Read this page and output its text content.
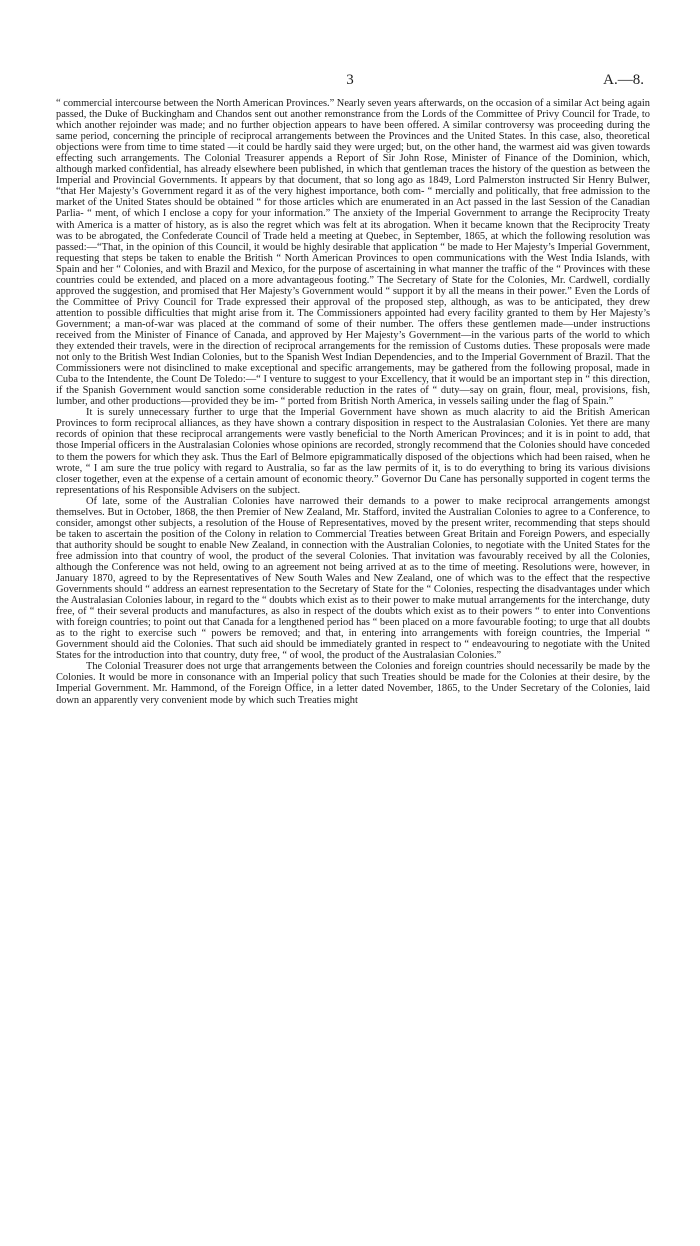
3	A.—8.

“ commercial intercourse between the North American Provinces.” Nearly seven years afterwards, on the occasion of a similar Act being again passed, the Duke of Buckingham and Chandos sent out another remonstrance from the Lords of the Committee of Privy Council for Trade, to which another rejoinder was made; and no further objection appears to have been offered. A similar controversy was proceeding during the same period, concerning the principle of reciprocal arrangements between the Provinces and the United States. In this case, also, theoretical objections were from time to time stated —it could be hardly said they were urged; but, on the other hand, the warmest aid was given towards effecting such arrangements. The Colonial Treasurer appends a Report of Sir John Rose, Minister of Finance of the Dominion, which, although marked confidential, has already elsewhere been published, in which that gentleman traces the history of the question as between the Imperial and Provincial Governments. It appears by that document, that so long ago as 1849, Lord Palmerston instructed Sir Henry Bulwer, “that Her Majesty’s Government regard it as of the very highest importance, both com- “ mercially and politically, that free admission to the market of the United States should be obtained “ for those articles which are enumerated in an Act passed in the last Session of the Canadian Parlia- “ ment, of which I enclose a copy for your information.” The anxiety of the Imperial Government to arrange the Reciprocity Treaty with America is a matter of history, as is also the regret which was felt at its abrogation. When it became known that the Reciprocity Treaty was to be abrogated, the Confederate Council of Trade held a meeting at Quebec, in September, 1865, at which the following resolution was passed:—“That, in the opinion of this Council, it would be highly desirable that application “ be made to Her Majesty’s Imperial Government, requesting that steps be taken to enable the British “ North American Provinces to open communications with the West India Islands, with Spain and her “ Colonies, and with Brazil and Mexico, for the purpose of ascertaining in what manner the traffic of the “ Provinces with these countries could be extended, and placed on a more advantageous footing.” The Secretary of State for the Colonies, Mr. Cardwell, cordially approved the suggestion, and promised that Her Majesty’s Government would “ support it by all the means in their power.” Even the Lords of the Committee of Privy Council for Trade expressed their approval of the proposed step, although, as was to be anticipated, they drew attention to possible difficulties that might arise from it. The Commissioners appointed had every facility granted to them by Her Majesty’s Government; a man-of-war was placed at the command of some of their number. The offers these gentlemen made—under instructions received from the Minister of Finance of Canada, and approved by Her Majesty’s Government—in the various parts of the world to which they extended their travels, were in the direction of reciprocal arrangements for the remission of Customs duties. These proposals were made not only to the British West Indian Colonies, but to the Spanish West Indian Dependencies, and to the Imperial Government of Brazil. That the Commissioners were not disinclined to make exceptional and specific arrangements, may be gathered from the following proposal, made in Cuba to the Intendente, the Count De Toledo:—“ I venture to suggest to your Excellency, that it would be an important step in “ this direction, if the Spanish Government would sanction some considerable reduction in the rates of “ duty—say on grain, flour, meal, provisions, fish, lumber, and other productions—provided they be im- “ ported from British North America, in vessels sailing under the flag of Spain.”

It is surely unnecessary further to urge that the Imperial Government have shown as much alacrity to aid the British American Provinces to form reciprocal alliances, as they have shown a contrary disposition in respect to the Australasian Colonies. Yet there are many records of opinion that these reciprocal arrangements were vastly beneficial to the North American Provinces; and it is in point to add, that those Imperial officers in the Australasian Colonies whose opinions are recorded, strongly recommend that the Colonies should have conceded to them the powers for which they ask. Thus the Earl of Belmore epigrammatically disposed of the objections which had been raised, when he wrote, “ I am sure the true policy with regard to Australia, so far as the law permits of it, is to do everything to bring its various divisions closer together, even at the expense of a certain amount of economic theory.” Governor Du Cane has personally supported in cogent terms the representations of his Responsible Advisers on the subject.

Of late, some of the Australian Colonies have narrowed their demands to a power to make reciprocal arrangements amongst themselves. But in October, 1868, the then Premier of New Zealand, Mr. Stafford, invited the Australian Colonies to agree to a Conference, to consider, amongst other subjects, a resolution of the House of Representatives, moved by the present writer, recommending that steps should be taken to ascertain the position of the Colony in relation to Commercial Treaties between Great Britain and Foreign Powers, and especially that authority should be sought to enable New Zealand, in connection with the Australian Colonies, to negotiate with the United States for the free admission into that country of wool, the product of the several Colonies. That invitation was favourably received by all the Colonies, although the Conference was not held, owing to an agreement not being arrived at as to the time of meeting. Resolutions were, however, in January 1870, agreed to by the Representatives of New South Wales and New Zealand, one of which was to the effect that the respective Governments should “ address an earnest representation to the Secretary of State for the “ Colonies, respecting the disadvantages under which the Australasian Colonies labour, in regard to the “ doubts which exist as to their power to make mutual arrangements for the interchange, duty free, of “ their several products and manufactures, as also in respect of the doubts which exist as to their powers “ to enter into Conventions with foreign countries; to point out that Canada for a lengthened period has “ been placed on a more favourable footing; to urge that all doubts as to the right to exercise such “ powers be removed; and that, in entering into arrangements with foreign countries, the Imperial “ Government should aid the Colonies. That such aid should be immediately granted in respect to “ endeavouring to negotiate with the United States for the introduction into that country, duty free, “ of wool, the product of the Australasian Colonies.”

The Colonial Treasurer does not urge that arrangements between the Colonies and foreign countries should necessarily be made by the Colonies. It would be more in consonance with an Imperial policy that such Treaties should be made for the Colonies at their desire, by the Imperial Government. Mr. Hammond, of the Foreign Office, in a letter dated November, 1865, to the Under Secretary of the Colonies, laid down an apparently very convenient mode by which such Treaties might
